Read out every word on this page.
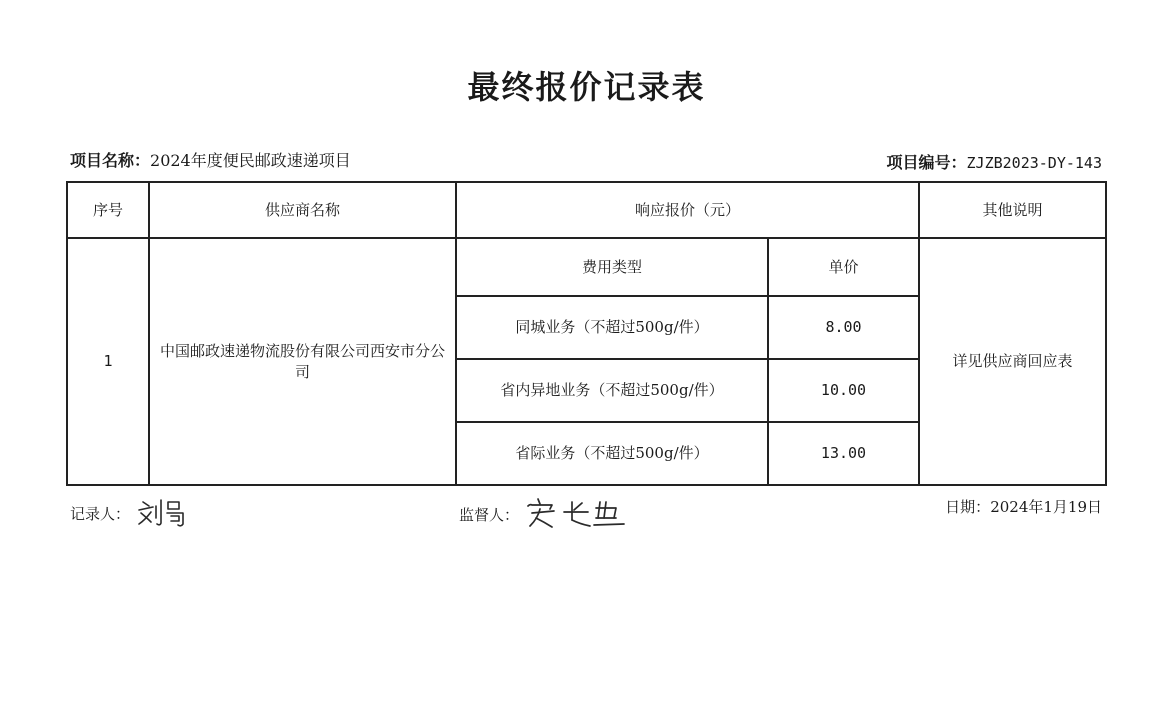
最终报价记录表
项目名称：2024年度便民邮政速递项目	项目编号：ZJZB2023-DY-143
序号	供应商名称	响应报价（元）		其他说明
1	中国邮政速递物流股份有限公司西安市分公司	费用类型	单价	详见供应商回应表
		同城业务（不超过500g/件）	8.00	
		省内异地业务（不超过500g/件）	10.00	
		省际业务（不超过500g/件）	13.00	
记录人：	监督人：	日期：2024年1月19日
